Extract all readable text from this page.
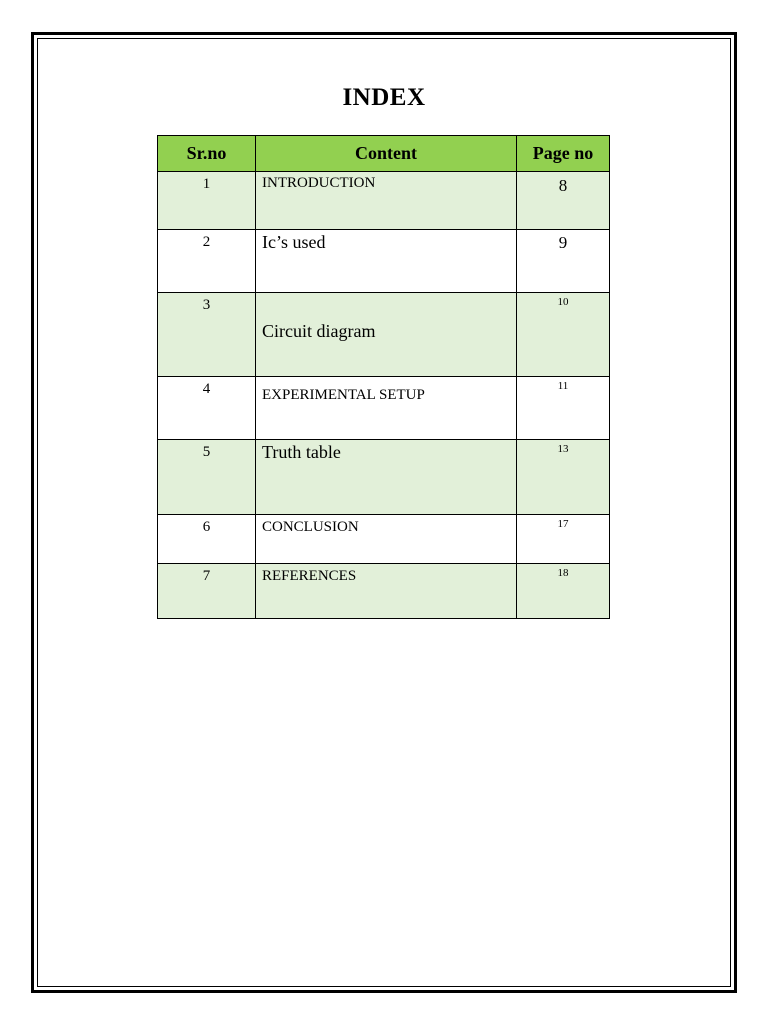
INDEX
Sr.no	Content	Page no
1	INTRODUCTION	8
2	Ic’s used	9
3	Circuit diagram	10
4	EXPERIMENTAL SETUP	11
5	Truth table	13
6	CONCLUSION	17
7	REFERENCES	18
